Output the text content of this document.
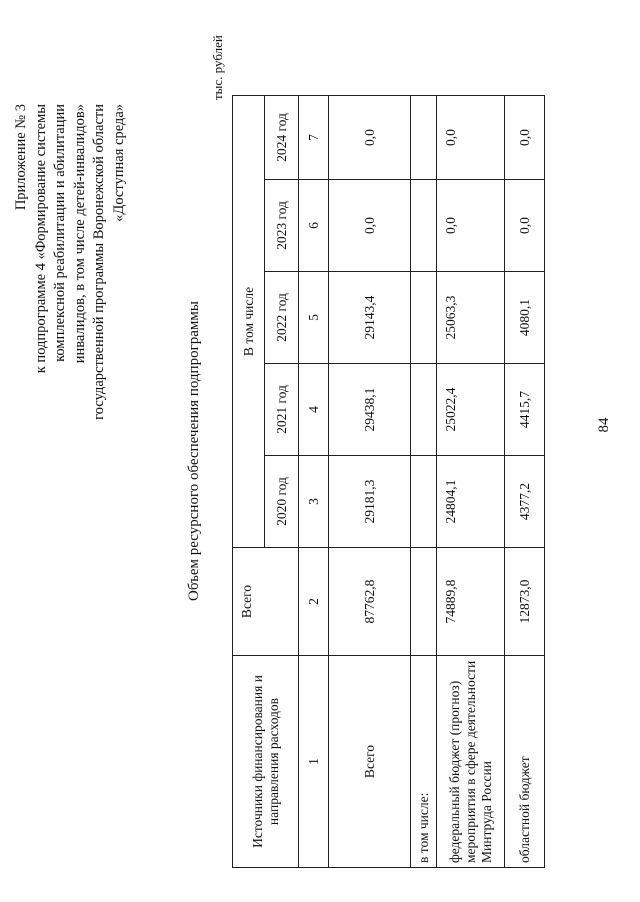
84
Приложение № 3 к подпрограмме 4 «Формирование системы комплексной реабилитации и абилитации инвалидов, в том числе детей-инвалидов» государственной программы Воронежской области «Доступная среда»
Объем ресурсного обеспечения подпрограммы
тыс. рублей
Источники финансирования и направления расходов	Всего	В том числе				
		2020 год	2021 год	2022 год	2023 год	2024 год
1	2	3	4	5	6	7
Всего	87762,8	29181,3	29438,1	29143,4	0,0	0,0
в том числе:						
федеральный бюджет (прогноз) мероприятия в сфере деятельности Минтруда России	74889,8	24804,1	25022,4	25063,3	0,0	0,0
областной бюджет	12873,0	4377,2	4415,7	4080,1	0,0	0,0
